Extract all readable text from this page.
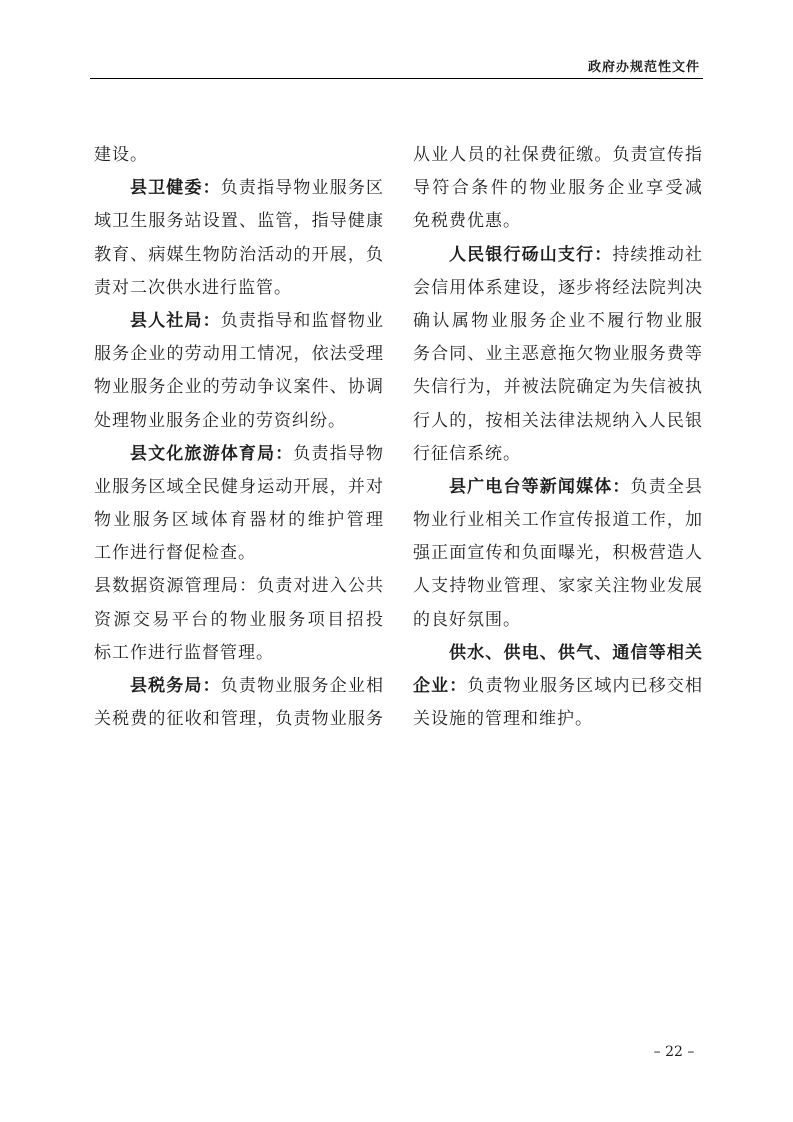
政府办规范性文件
建设。
县卫健委：负责指导物业服务区
域卫生服务站设置、监管，指导健康
教育、病媒生物防治活动的开展，负
责对二次供水进行监管。
县人社局：负责指导和监督物业
服务企业的劳动用工情况，依法受理
物业服务企业的劳动争议案件、协调
处理物业服务企业的劳资纠纷。
县文化旅游体育局：负责指导物
业服务区域全民健身运动开展，并对
物业服务区域体育器材的维护管理
工作进行督促检查。
县数据资源管理局：负责对进入公共
资源交易平台的物业服务项目招投
标工作进行监督管理。
县税务局：负责物业服务企业相
关税费的征收和管理，负责物业服务
从业人员的社保费征缴。负责宣传指
导符合条件的物业服务企业享受减
免税费优惠。
人民银行砀山支行：持续推动社
会信用体系建设，逐步将经法院判决
确认属物业服务企业不履行物业服
务合同、业主恶意拖欠物业服务费等
失信行为，并被法院确定为失信被执
行人的，按相关法律法规纳入人民银
行征信系统。
县广电台等新闻媒体：负责全县
物业行业相关工作宣传报道工作，加
强正面宣传和负面曝光，积极营造人
人支持物业管理、家家关注物业发展
的良好氛围。
供水、供电、供气、通信等相关
企业：负责物业服务区域内已移交相
关设施的管理和维护。
– 22 –
